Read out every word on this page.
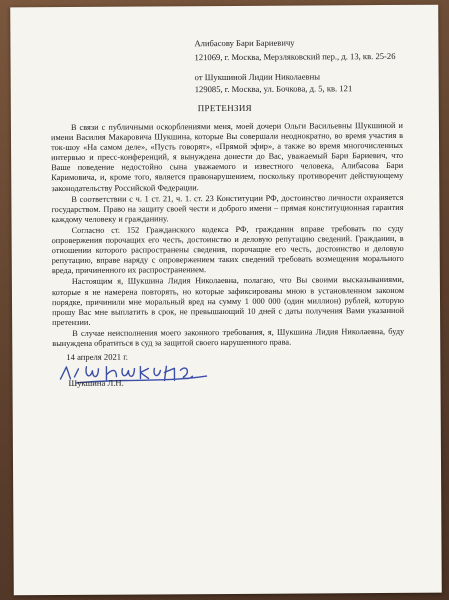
Алибасову Бари Бариевичу
121069, г. Москва, Мерзляковский пер., д. 13, кв. 25-26
от Шукшиной Лидии Николаевны
129085, г. Москва, ул. Бочкова, д. 5, кв. 121
ПРЕТЕНЗИЯ

В связи с публичными оскорблениями меня, моей дочери Ольги Васильевны Шукшиной и имени Василия Макаровича Шукшина, которые Вы совершали неоднократно, во время участия в ток-шоу «На самом деле», «Пусть говорят», «Прямой эфир», а также во время многочисленных интервью и пресс-конференций, я вынуждена донести до Вас, уважаемый Бари Бариевич, что Ваше поведение недостойно сына уважаемого и известного человека, Алибасова Бари Каримовича, и, кроме того, является правонарушением, поскольку противоречит действующему законодательству Российской Федерации.

В соответствии с ч. 1 ст. 21, ч. 1. ст. 23 Конституции РФ, достоинство личности охраняется государством. Право на защиту своей чести и доброго имени – прямая конституционная гарантия каждому человеку и гражданину.

Согласно ст. 152 Гражданского кодекса РФ, гражданин вправе требовать по суду опровержения порочащих его честь, достоинство и деловую репутацию сведений. Гражданин, в отношении которого распространены сведения, порочащие его честь, достоинство и деловую репутацию, вправе наряду с опровержением таких сведений требовать возмещения морального вреда, причиненного их распространением.

Настоящим я, Шукшина Лидия Николаевна, полагаю, что Вы своими высказываниями, которые я не намерена повторять, но которые зафиксированы мною в установленном законом порядке, причинили мне моральный вред на сумму 1 000 000 (один миллион) рублей, которую прошу Вас мне выплатить в срок, не превышающий 10 дней с даты получения Вами указанной претензии.

В случае неисполнения моего законного требования, я, Шукшина Лидия Николаевна, буду вынуждена обратиться в суд за защитой своего нарушенного права.

14 апреля 2021 г.
Шукшина Л.Н.
